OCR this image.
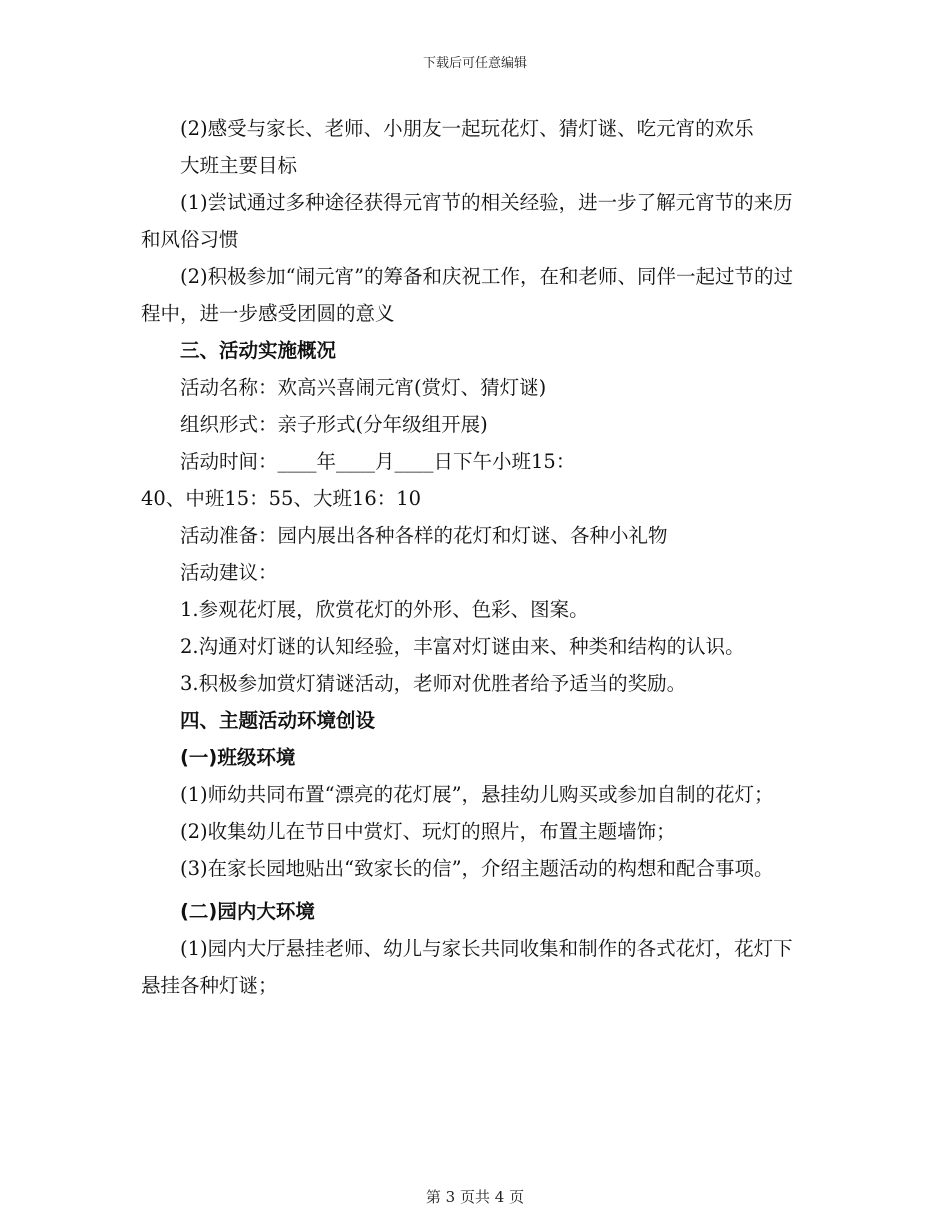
下载后可任意编辑

(2)感受与家长、老师、小朋友一起玩花灯、猜灯谜、吃元宵的欢乐

大班主要目标

(1)尝试通过多种途径获得元宵节的相关经验，进一步了解元宵节的来历和风俗习惯

(2)积极参加“闹元宵”的筹备和庆祝工作，在和老师、同伴一起过节的过程中，进一步感受团圆的意义

三、活动实施概况

活动名称：欢高兴喜闹元宵(赏灯、猜灯谜)

组织形式：亲子形式(分年级组开展)

活动时间：____年____月____日下午小班15：

40、中班15：55、大班16：10

活动准备：园内展出各种各样的花灯和灯谜、各种小礼物

活动建议：

1.参观花灯展，欣赏花灯的外形、色彩、图案。

2.沟通对灯谜的认知经验，丰富对灯谜由来、种类和结构的认识。

3.积极参加赏灯猜谜活动，老师对优胜者给予适当的奖励。

四、主题活动环境创设

(一)班级环境

(1)师幼共同布置“漂亮的花灯展”，悬挂幼儿购买或参加自制的花灯；

(2)收集幼儿在节日中赏灯、玩灯的照片，布置主题墙饰；

(3)在家长园地贴出“致家长的信”，介绍主题活动的构想和配合事项。

(二)园内大环境

(1)园内大厅悬挂老师、幼儿与家长共同收集和制作的各式花灯，花灯下悬挂各种灯谜；

第 3 页共 4 页
